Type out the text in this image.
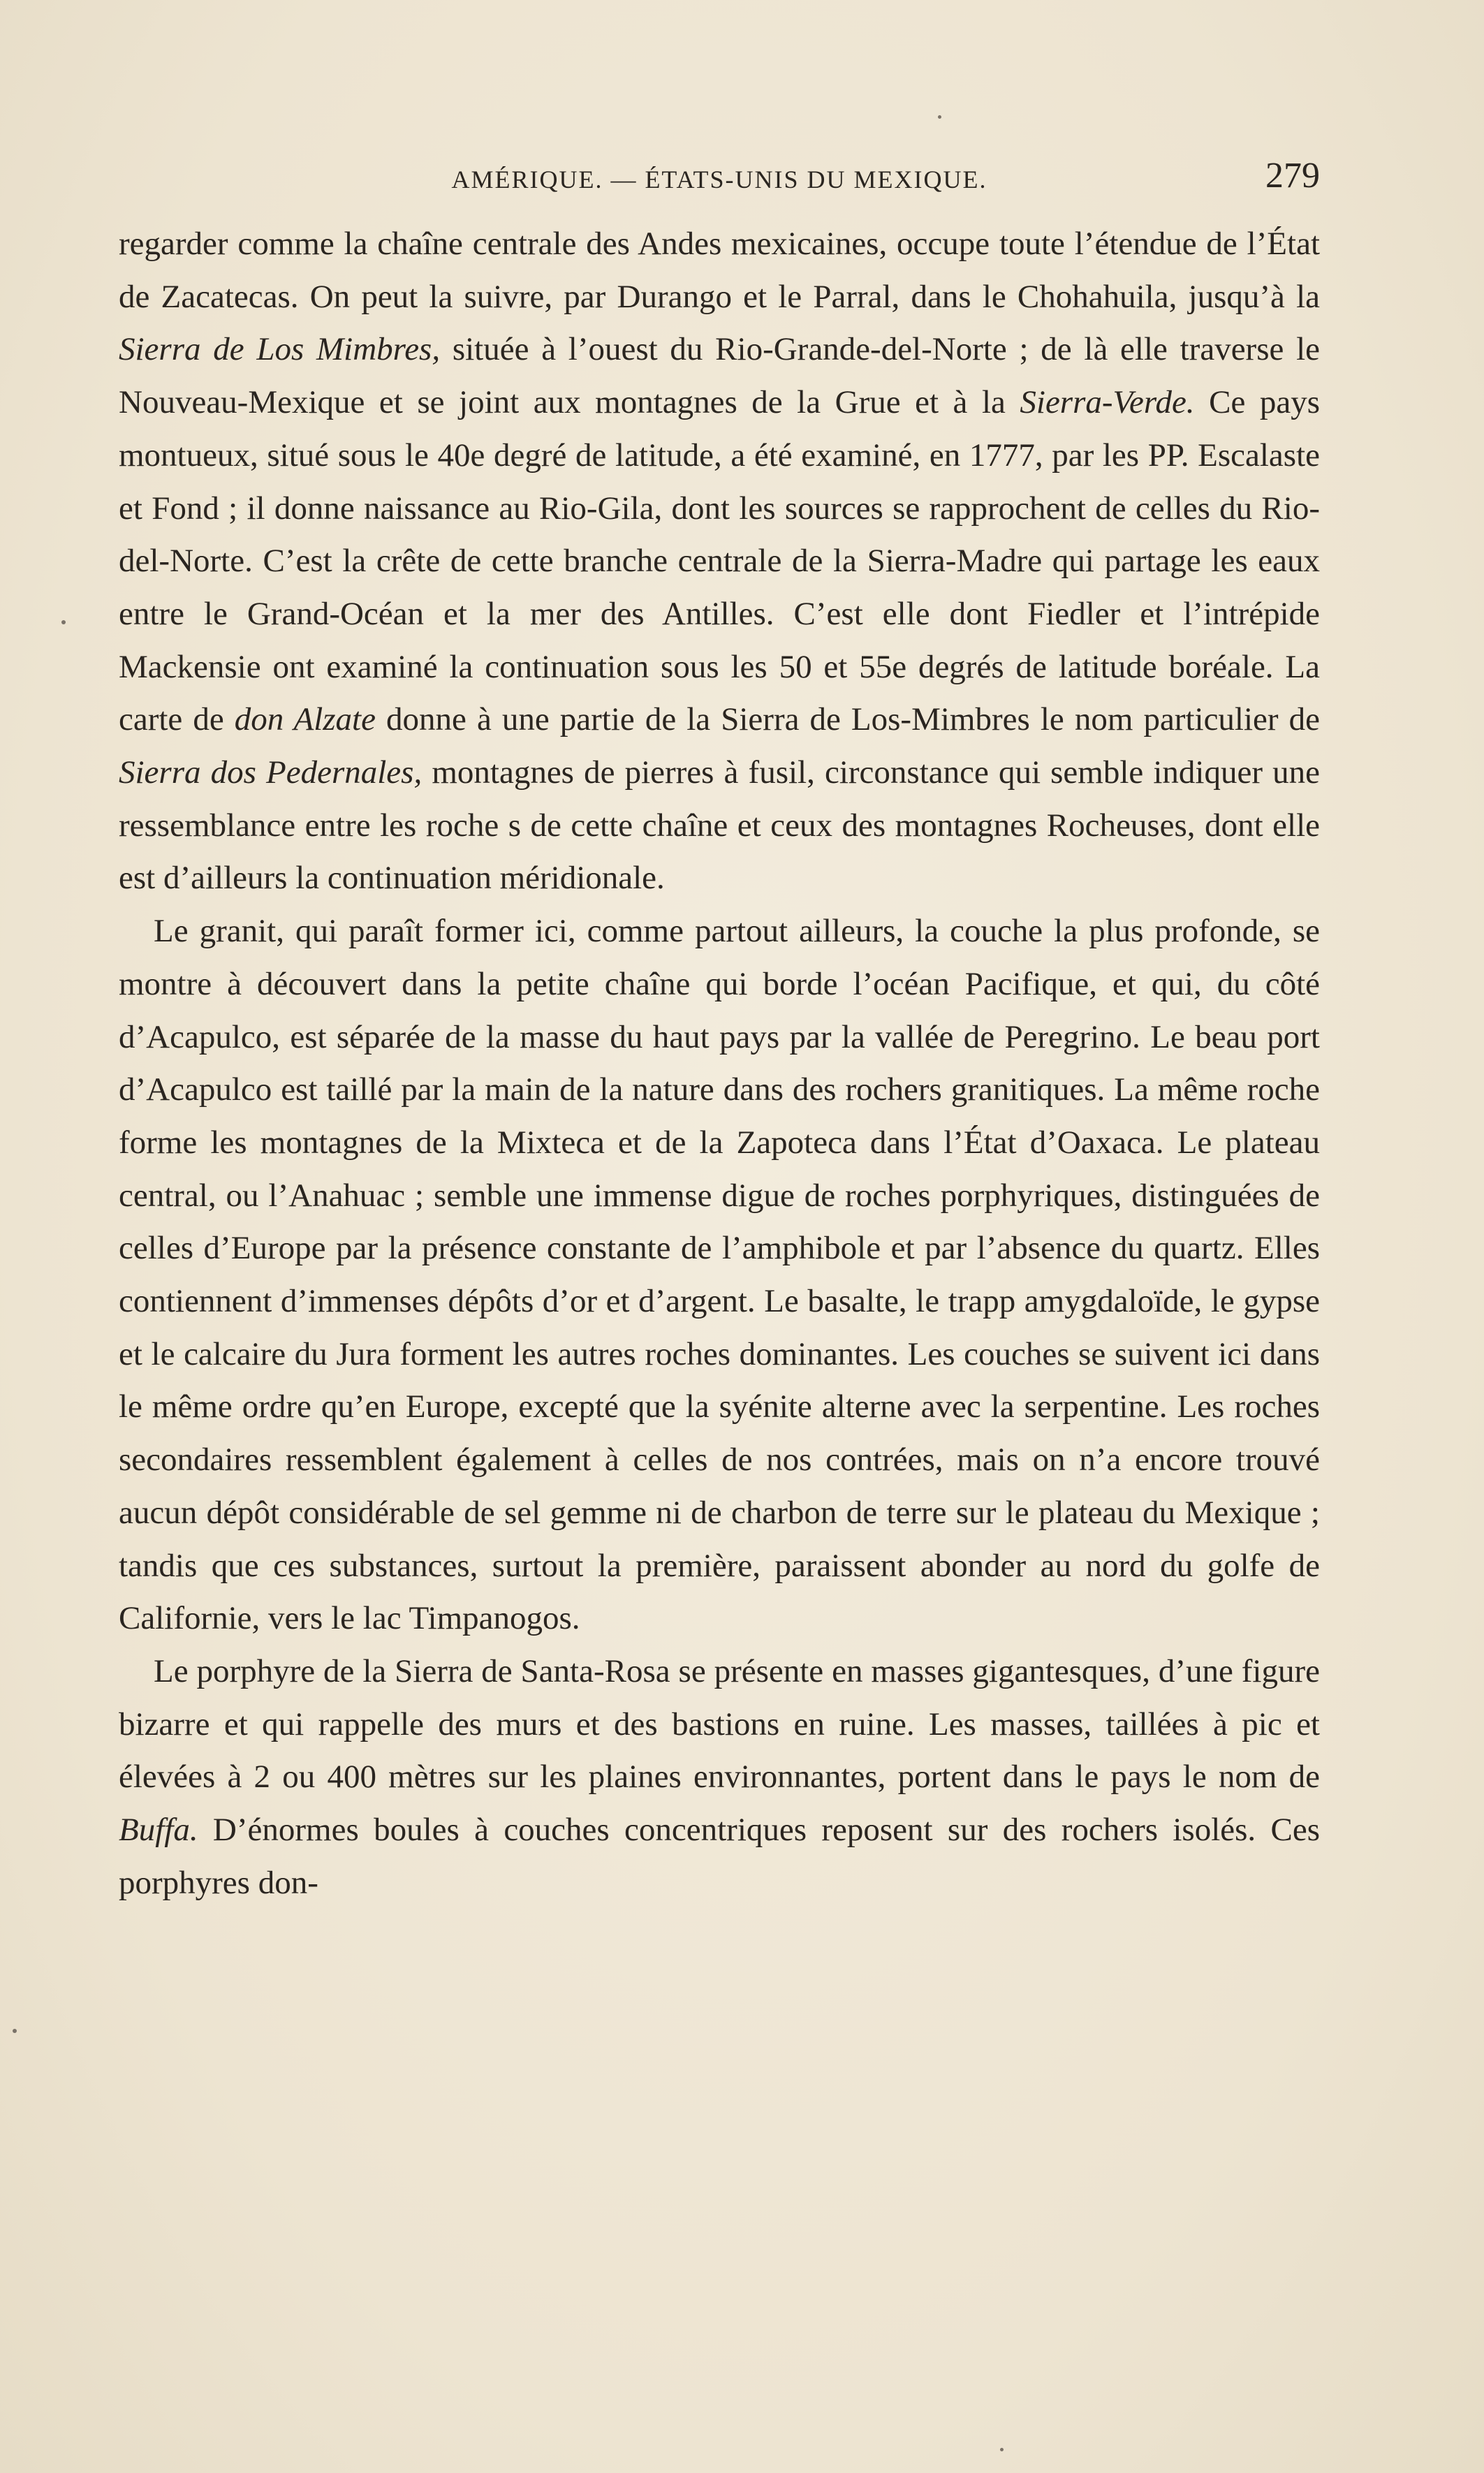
AMÉRIQUE. — ÉTATS-UNIS DU MEXIQUE.	279

regarder comme la chaîne centrale des Andes mexicaines, occupe toute l’étendue de l’État de Zacatecas. On peut la suivre, par Durango et le Parral, dans le Chohahuila, jusqu’à la Sierra de Los Mimbres, située à l’ouest du Rio-Grande-del-Norte ; de là elle traverse le Nouveau-Mexique et se joint aux montagnes de la Grue et à la Sierra-Verde. Ce pays montueux, situé sous le 40e degré de latitude, a été examiné, en 1777, par les PP. Escalaste et Fond ; il donne naissance au Rio-Gila, dont les sources se rapprochent de celles du Rio-del-Norte. C’est la crête de cette branche centrale de la Sierra-Madre qui partage les eaux entre le Grand-Océan et la mer des Antilles. C’est elle dont Fiedler et l’intrépide Mackensie ont examiné la continuation sous les 50 et 55e degrés de latitude boréale. La carte de don Alzate donne à une partie de la Sierra de Los-Mimbres le nom particulier de Sierra dos Pedernales, montagnes de pierres à fusil, circonstance qui semble indiquer une ressemblance entre les roche s de cette chaîne et ceux des montagnes Rocheuses, dont elle est d’ailleurs la continuation méridionale.

Le granit, qui paraît former ici, comme partout ailleurs, la couche la plus profonde, se montre à découvert dans la petite chaîne qui borde l’océan Pacifique, et qui, du côté d’Acapulco, est séparée de la masse du haut pays par la vallée de Peregrino. Le beau port d’Acapulco est taillé par la main de la nature dans des rochers granitiques. La même roche forme les montagnes de la Mixteca et de la Zapoteca dans l’État d’Oaxaca. Le plateau central, ou l’Anahuac ; semble une immense digue de roches porphyriques, distinguées de celles d’Europe par la présence constante de l’amphibole et par l’absence du quartz. Elles contiennent d’immenses dépôts d’or et d’argent. Le basalte, le trapp amygdaloïde, le gypse et le calcaire du Jura forment les autres roches dominantes. Les couches se suivent ici dans le même ordre qu’en Europe, excepté que la syénite alterne avec la serpentine. Les roches secondaires ressemblent également à celles de nos contrées, mais on n’a encore trouvé aucun dépôt considérable de sel gemme ni de charbon de terre sur le plateau du Mexique ; tandis que ces substances, surtout la première, paraissent abonder au nord du golfe de Californie, vers le lac Timpanogos.

Le porphyre de la Sierra de Santa-Rosa se présente en masses gigantesques, d’une figure bizarre et qui rappelle des murs et des bastions en ruine. Les masses, taillées à pic et élevées à 2 ou 400 mètres sur les plaines environnantes, portent dans le pays le nom de Buffa. D’énormes boules à couches concentriques reposent sur des rochers isolés. Ces porphyres don-
